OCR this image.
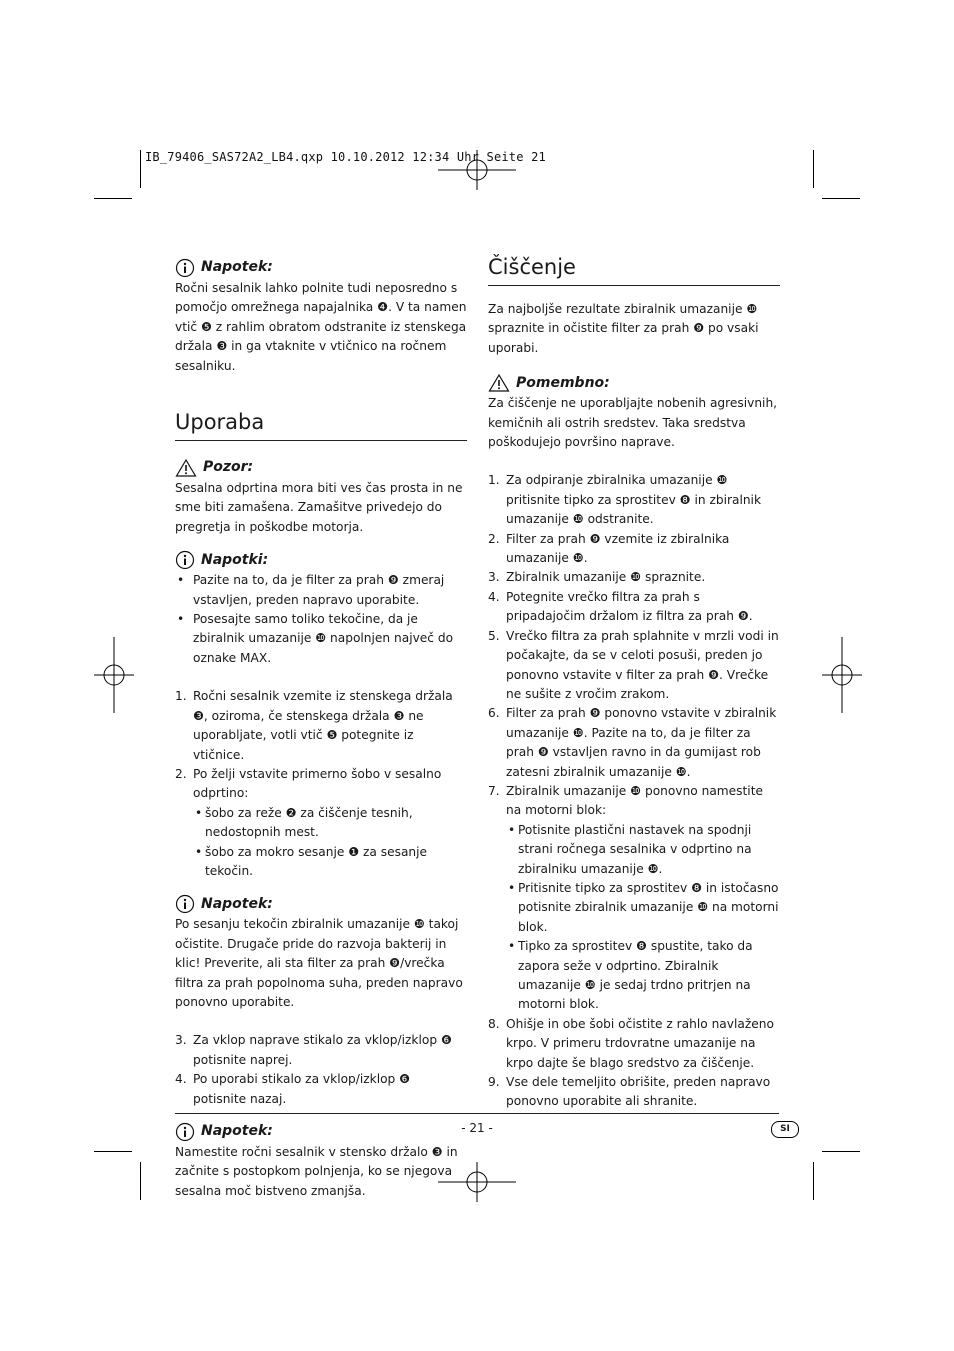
IB_79406_SAS72A2_LB4.qxp 10.10.2012 12:34 Uhr Seite 21
Napotek:

Ročni sesalnik lahko polnite tudi neposredno s pomočjo omrežnega napajalnika ❹. V ta namen vtič ❺ z rahlim obratom odstranite iz stenskega držala ❸ in ga vtaknite v vtičnico na ročnem sesalniku.

Uporaba
Pozor:

Sesalna odprtina mora biti ves čas prosta in ne sme biti zamašena. Zamašitve privedejo do pregretja in poškodbe motorja.

Napotki:
• Pazite na to, da je filter za prah ❾ zmeraj vstavljen, preden napravo uporabite.
• Posesajte samo toliko tekočine, da je zbiralnik umazanije ❿ napolnjen največ do oznake MAX.
1. Ročni sesalnik vzemite iz stenskega držala ❸, oziroma, če stenskega držala ❸ ne uporabljate, votli vtič ❺ potegnite iz vtičnice.
2. Po želji vstavite primerno šobo v sesalno odprtino:
• šobo za reže ❷ za čiščenje tesnih, nedostopnih mest.
• šobo za mokro sesanje ❶ za sesanje tekočin.
Napotek:

Po sesanju tekočin zbiralnik umazanije ❿ takoj očistite. Drugače pride do razvoja bakterij in klic! Preverite, ali sta filter za prah ❾/vrečka filtra za prah popolnoma suha, preden napravo ponovno uporabite.

3. Za vklop naprave stikalo za vklop/izklop ❻ potisnite naprej.
4. Po uporabi stikalo za vklop/izklop ❻ potisnite nazaj.
Napotek:

Namestite ročni sesalnik v stensko držalo ❸ in začnite s postopkom polnjenja, ko se njegova sesalna moč bistveno zmanjša.

Čiščenje

Za najboljše rezultate zbiralnik umazanije ❿ spraznite in očistite filter za prah ❾ po vsaki uporabi.

Pomembno:

Za čiščenje ne uporabljajte nobenih agresivnih, kemičnih ali ostrih sredstev. Taka sredstva poškodujejo površino naprave.

1. Za odpiranje zbiralnika umazanije ❿ pritisnite tipko za sprostitev ❽ in zbiralnik umazanije ❿ odstranite.
2. Filter za prah ❾ vzemite iz zbiralnika umazanije ❿.
3. Zbiralnik umazanije ❿ spraznite.
4. Potegnite vrečko filtra za prah s pripadajočim držalom iz filtra za prah ❾.
5. Vrečko filtra za prah splahnite v mrzli vodi in počakajte, da se v celoti posuši, preden jo ponovno vstavite v filter za prah ❾. Vrečke ne sušite z vročim zrakom.
6. Filter za prah ❾ ponovno vstavite v zbiralnik umazanije ❿. Pazite na to, da je filter za prah ❾ vstavljen ravno in da gumijast rob zatesni zbiralnik umazanije ❿.
7. Zbiralnik umazanije ❿ ponovno namestite na motorni blok:
• Potisnite plastični nastavek na spodnji strani ročnega sesalnika v odprtino na zbiralniku umazanije ❿.
• Pritisnite tipko za sprostitev ❽ in istočasno potisnite zbiralnik umazanije ❿ na motorni blok.
• Tipko za sprostitev ❽ spustite, tako da zapora seže v odprtino. Zbiralnik umazanije ❿ je sedaj trdno pritrjen na motorni blok.
8. Ohišje in obe šobi očistite z rahlo navlaženo krpo. V primeru trdovratne umazanije na krpo dajte še blago sredstvo za čiščenje.
9. Vse dele temeljito obrišite, preden napravo ponovno uporabite ali shranite.
- 21 -	SI
